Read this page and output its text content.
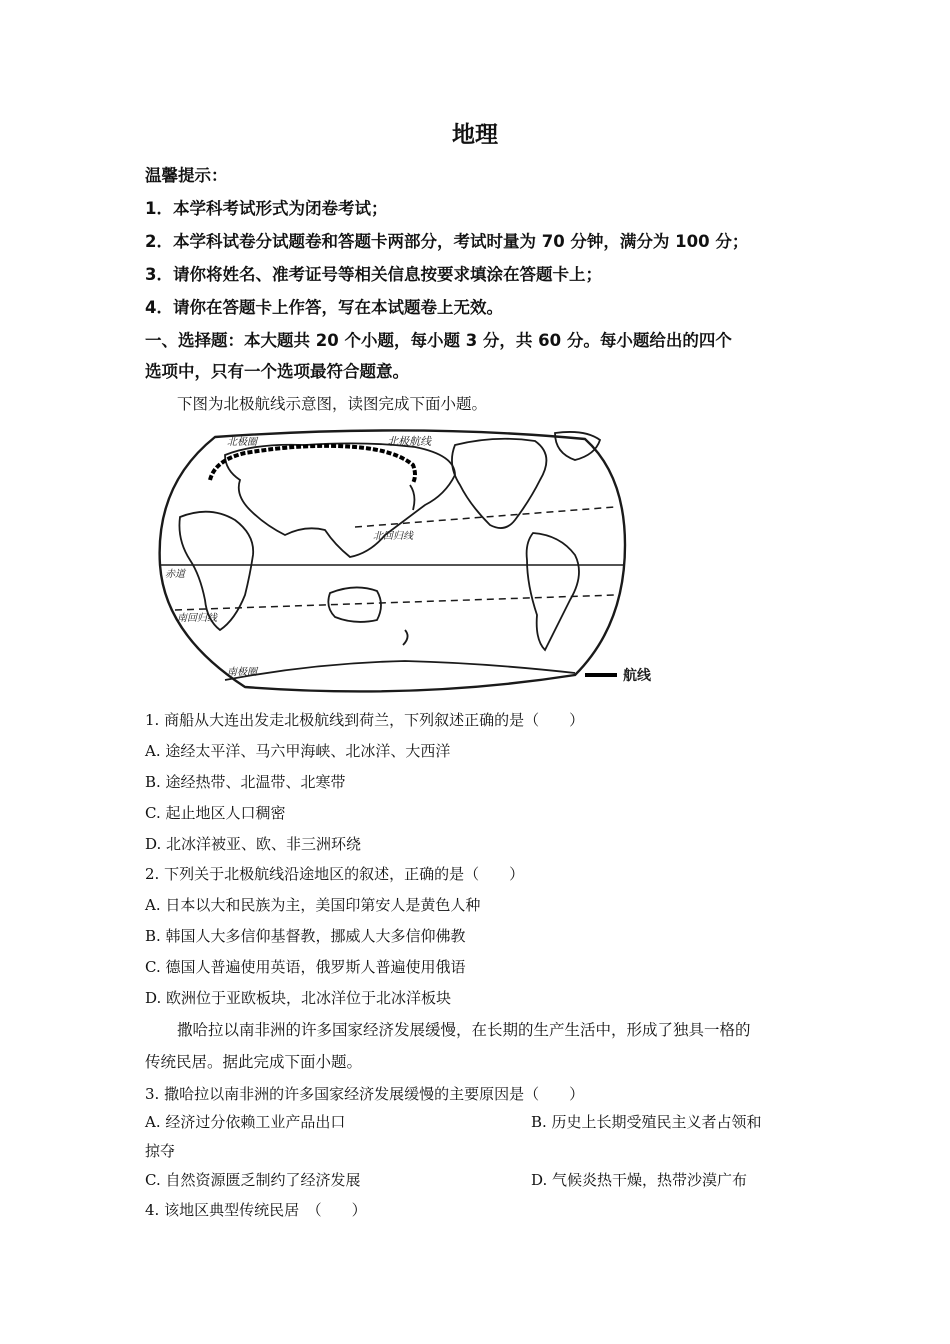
地理
温馨提示：
1．本学科考试形式为闭卷考试；
2．本学科试卷分试题卷和答题卡两部分，考试时量为 70 分钟，满分为 100 分；
3．请你将姓名、准考证号等相关信息按要求填涂在答题卡上；
4．请你在答题卡上作答，写在本试题卷上无效。
一、选择题：本大题共 20 个小题，每小题 3 分，共 60 分。每小题给出的四个
选项中，只有一个选项最符合题意。
下图为北极航线示意图，读图完成下面小题。
北极圈	北极航线
北回归线
赤道
南回归线
南极圈	航线
1. 商船从大连出发走北极航线到荷兰，下列叙述正确的是（　　）
A. 途经太平洋、马六甲海峡、北冰洋、大西洋
B. 途经热带、北温带、北寒带
C. 起止地区人口稠密
D. 北冰洋被亚、欧、非三洲环绕
2. 下列关于北极航线沿途地区的叙述，正确的是（　　）
A. 日本以大和民族为主，美国印第安人是黄色人种
B. 韩国人大多信仰基督教，挪威人大多信仰佛教
C. 德国人普遍使用英语，俄罗斯人普遍使用俄语
D. 欧洲位于亚欧板块，北冰洋位于北冰洋板块
撒哈拉以南非洲的许多国家经济发展缓慢，在长期的生产生活中，形成了独具一格的
传统民居。据此完成下面小题。
3. 撒哈拉以南非洲的许多国家经济发展缓慢的主要原因是（　　）
A. 经济过分依赖工业产品出口	B. 历史上长期受殖民主义者占领和
掠夺
C. 自然资源匮乏制约了经济发展	D. 气候炎热干燥，热带沙漠广布
4. 该地区典型传统民居　（　　）
